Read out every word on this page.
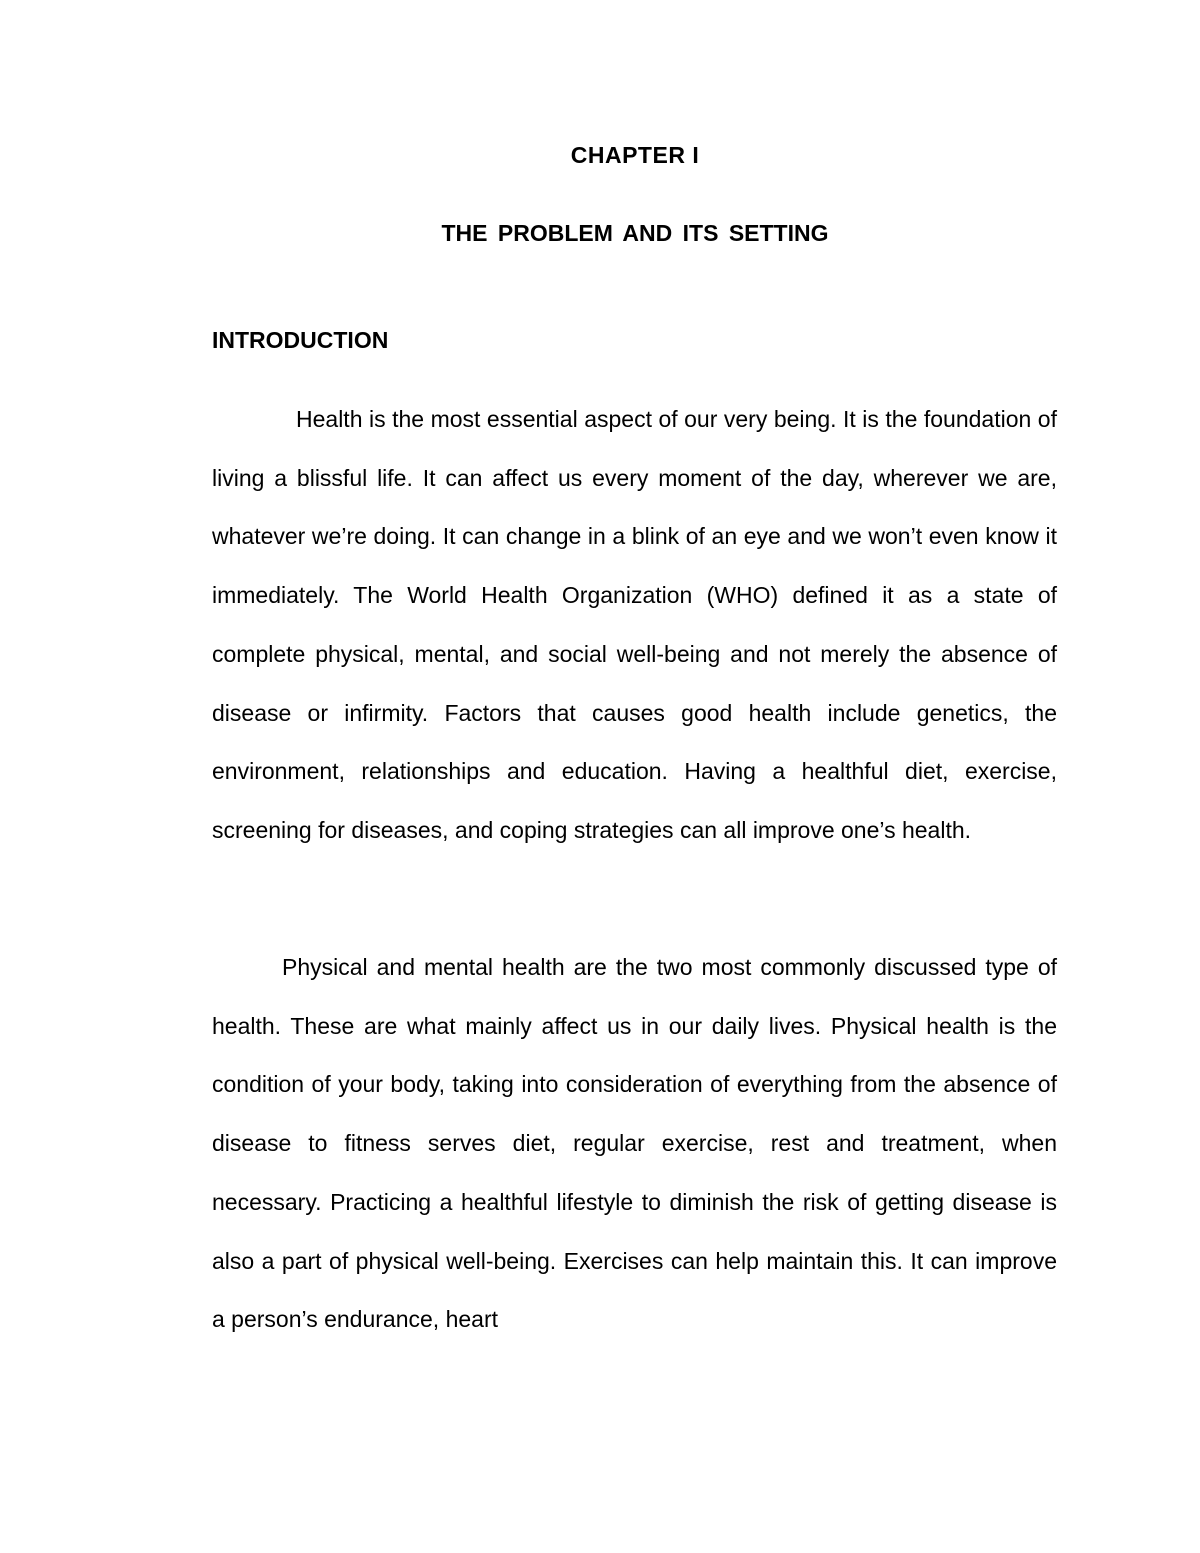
CHAPTER I
THE PROBLEM AND ITS SETTING
INTRODUCTION

Health is the most essential aspect of our very being. It is the foundation of living a blissful life. It can affect us every moment of the day, wherever we are, whatever we’re doing. It can change in a blink of an eye and we won’t even know it immediately. The World Health Organization (WHO) defined it as a state of complete physical, mental, and social well-being and not merely the absence of disease or infirmity. Factors that causes good health include genetics, the environment, relationships and education. Having a healthful diet, exercise, screening for diseases, and coping strategies can all improve one’s health.

Physical and mental health are the two most commonly discussed type of health. These are what mainly affect us in our daily lives. Physical health is the condition of your body, taking into consideration of everything from the absence of disease to fitness serves diet, regular exercise, rest and treatment, when necessary. Practicing a healthful lifestyle to diminish the risk of getting disease is also a part of physical well-being. Exercises can help maintain this. It can improve a person’s endurance, heart
